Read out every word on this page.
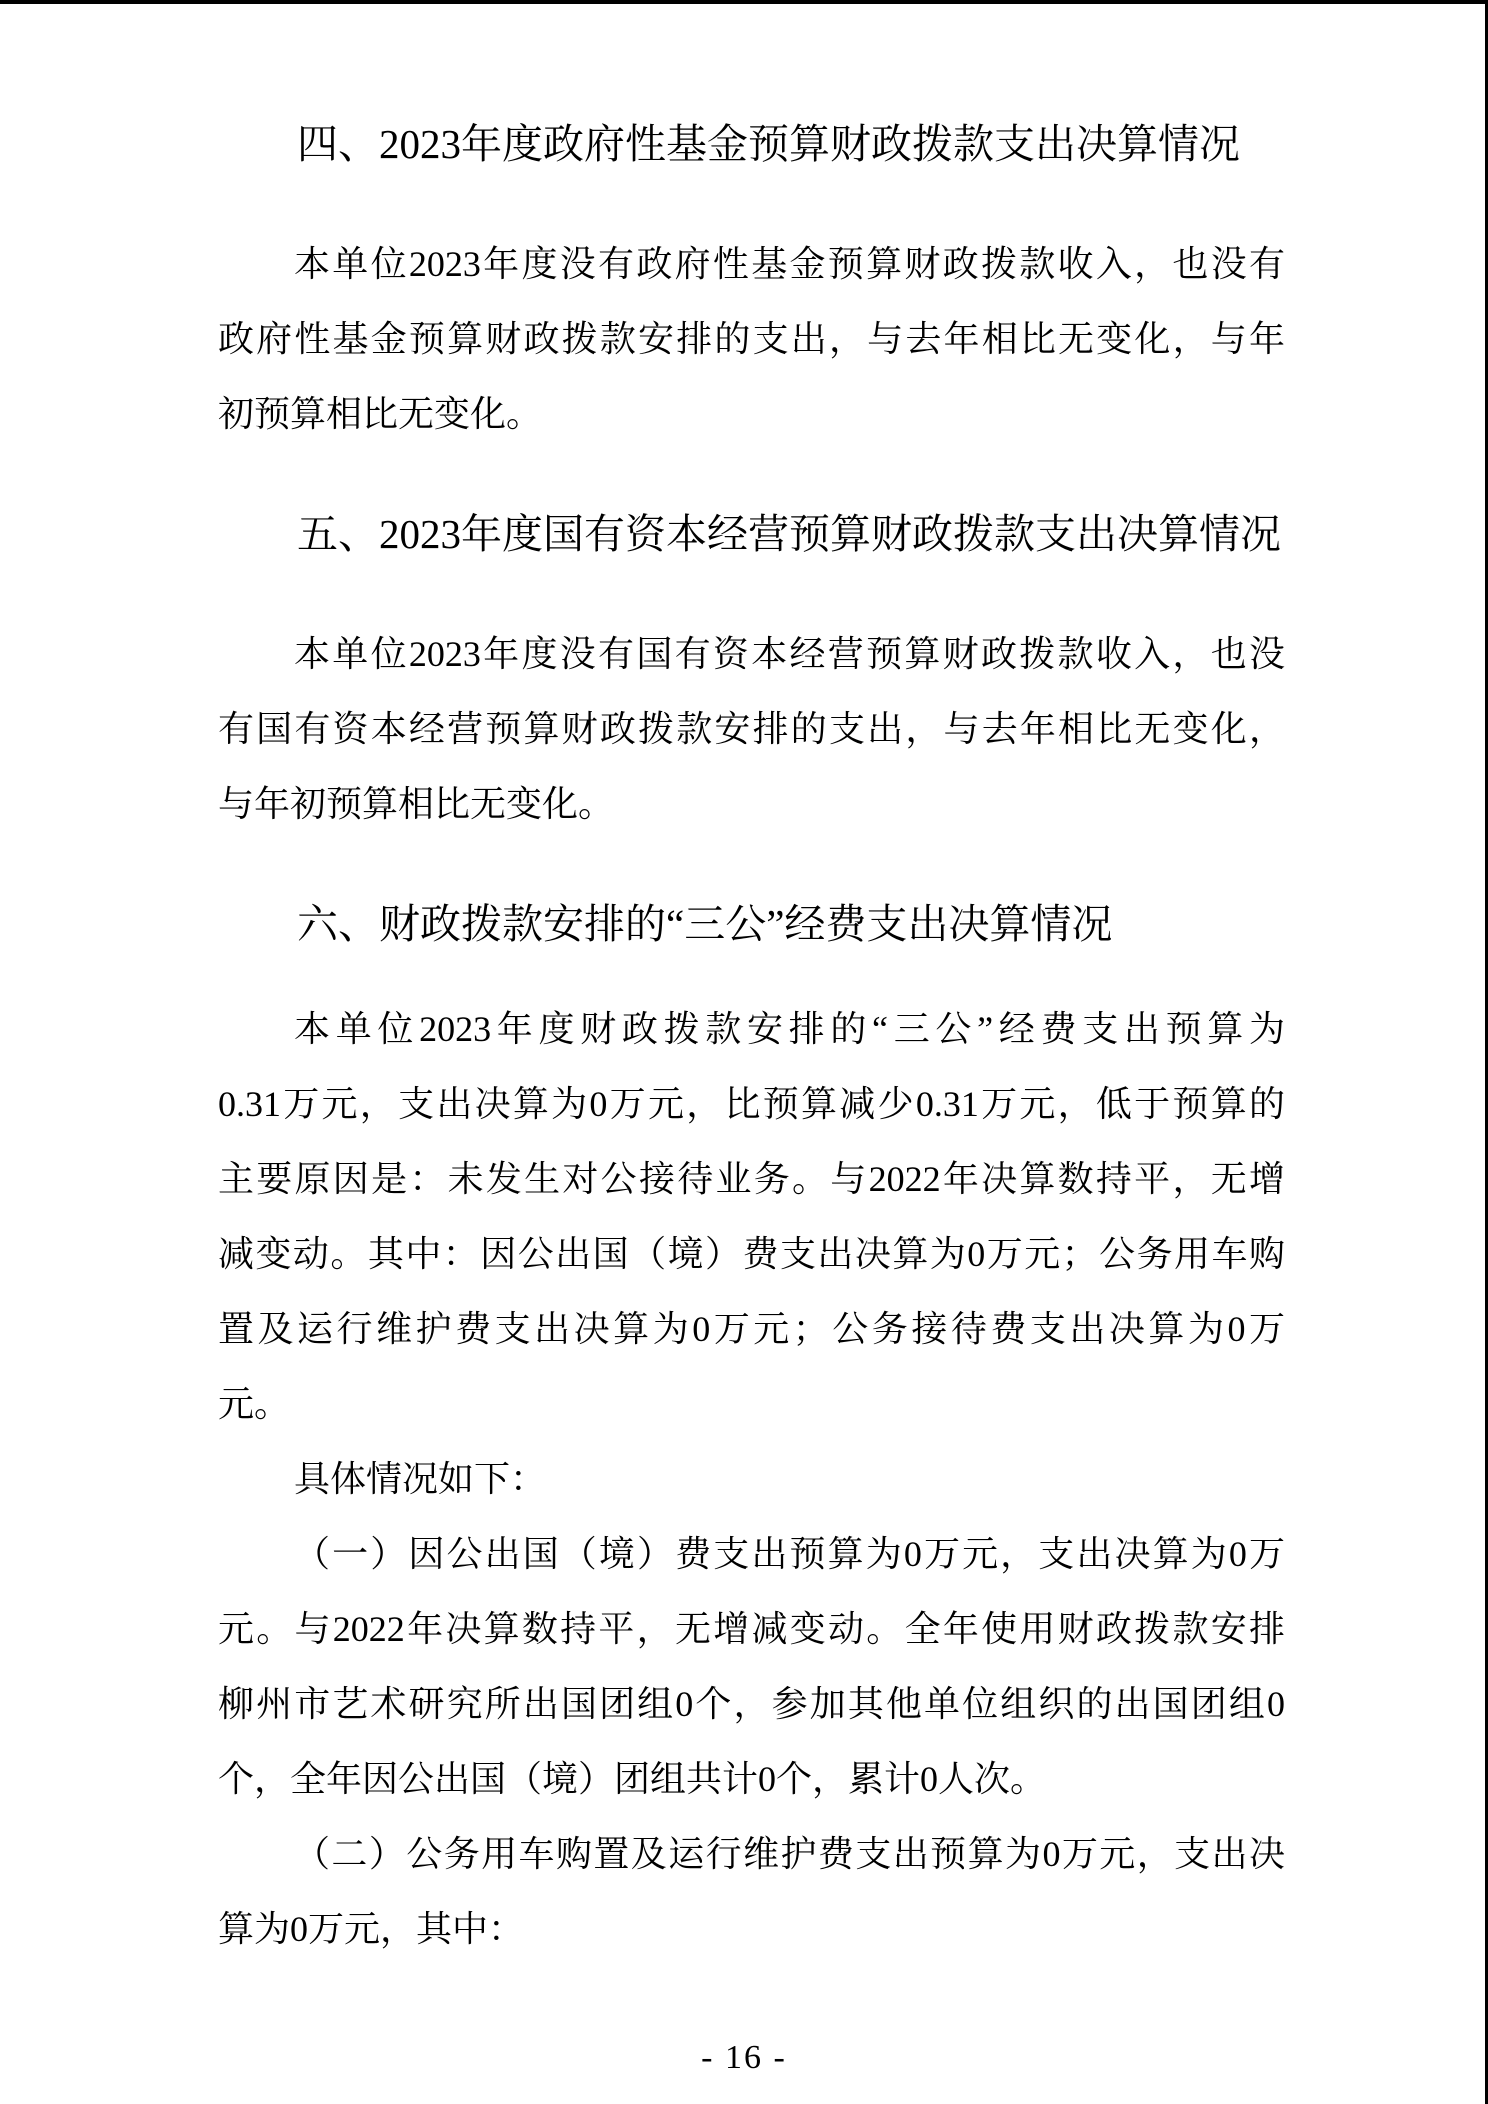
四、2023年度政府性基金预算财政拨款支出决算情况
本单位2023年度没有政府性基金预算财政拨款收入，也没有
政府性基金预算财政拨款安排的支出，与去年相比无变化，与年
初预算相比无变化。
五、2023年度国有资本经营预算财政拨款支出决算情况
本单位2023年度没有国有资本经营预算财政拨款收入，也没
有国有资本经营预算财政拨款安排的支出，与去年相比无变化，
与年初预算相比无变化。
六、财政拨款安排的“三公”经费支出决算情况
本单位2023年度财政拨款安排的“三公”经费支出预算为
0.31万元，支出决算为0万元，比预算减少0.31万元，低于预算的
主要原因是：未发生对公接待业务。与2022年决算数持平，无增
减变动。其中：因公出国（境）费支出决算为0万元；公务用车购
置及运行维护费支出决算为0万元；公务接待费支出决算为0万
元。
具体情况如下：
（一）因公出国（境）费支出预算为0万元，支出决算为0万
元。与2022年决算数持平，无增减变动。全年使用财政拨款安排
柳州市艺术研究所出国团组0个，参加其他单位组织的出国团组0
个，全年因公出国（境）团组共计0个，累计0人次。
（二）公务用车购置及运行维护费支出预算为0万元，支出决
算为0万元，其中：
- 16 -
